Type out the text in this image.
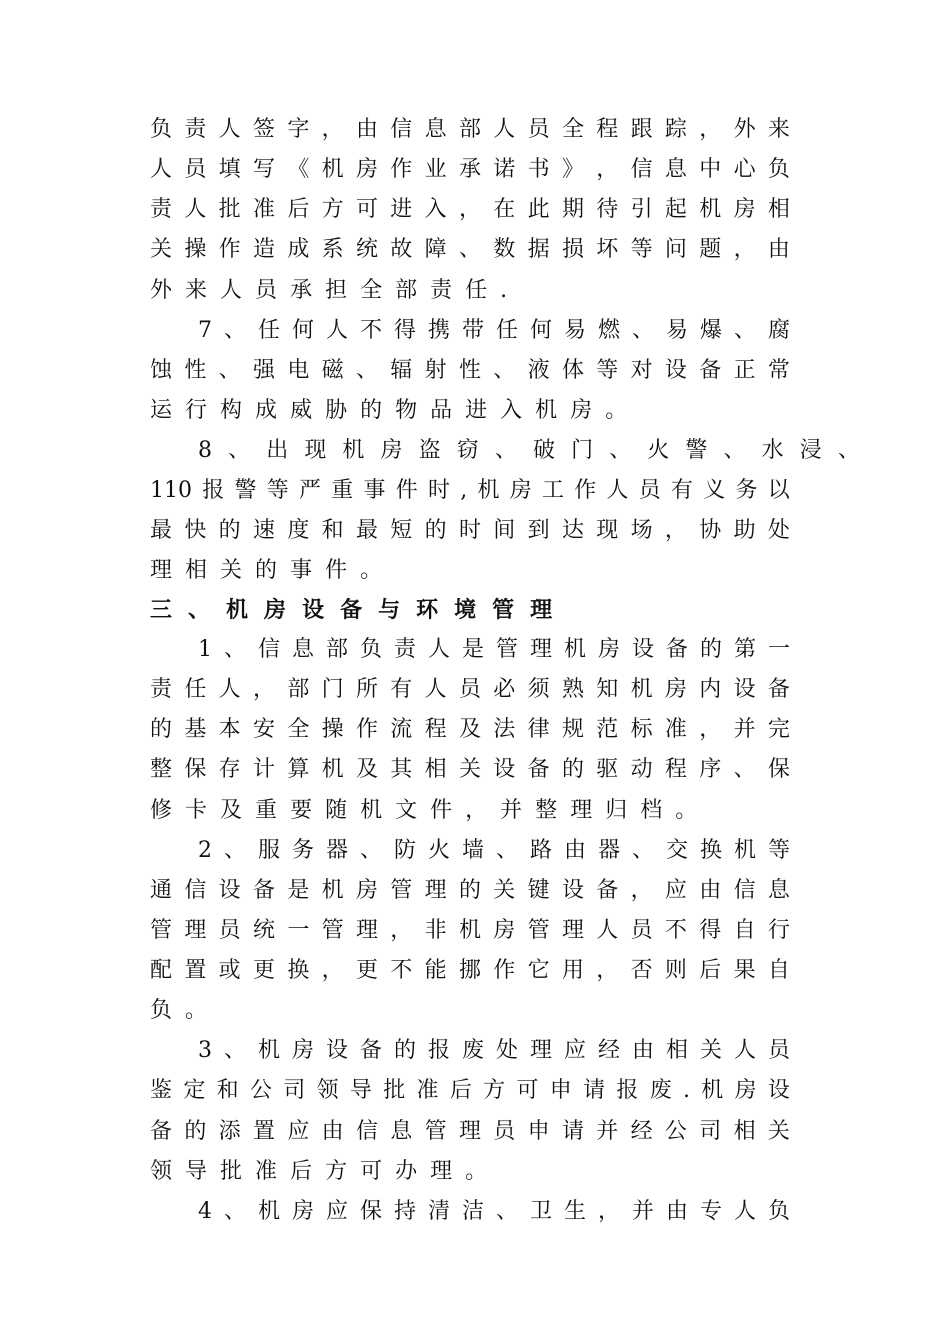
负 责 人 签 字 ， 由 信 息 部 人 员 全 程 跟 踪 ， 外 来
人 员 填 写 《 机 房 作 业 承 诺 书 》 ， 信 息 中 心 负
责 人 批 准 后 方 可 进 入 ， 在 此 期 待 引 起 机 房 相
关 操 作 造 成 系 统 故 障 、 数 据 损 坏 等 问 题 ， 由
外 来 人 员 承 担 全 部 责 任 .
7 、 任 何 人 不 得 携 带 任 何 易 燃 、 易 爆 、 腐
蚀 性 、 强 电 磁 、 辐 射 性 、 液 体 等 对 设 备 正 常
运 行 构 成 威 胁 的 物 品 进 入 机 房 。
8 、 出 现 机 房 盗 窃 、 破 门 、 火 警 、 水 浸 、
110 报 警 等 严 重 事 件 时 , 机 房 工 作 人 员 有 义 务 以
最 快 的 速 度 和 最 短 的 时 间 到 达 现 场 ， 协 助 处
理 相 关 的 事 件 。
三 、 机 房 设 备 与 环 境 管 理
1 、 信 息 部 负 责 人 是 管 理 机 房 设 备 的 第 一
责 任 人 ， 部 门 所 有 人 员 必 须 熟 知 机 房 内 设 备
的 基 本 安 全 操 作 流 程 及 法 律 规 范 标 准 ， 并 完
整 保 存 计 算 机 及 其 相 关 设 备 的 驱 动 程 序 、 保
修 卡 及 重 要 随 机 文 件 ， 并 整 理 归 档 。
2 、 服 务 器 、 防 火 墙 、 路 由 器 、 交 换 机 等
通 信 设 备 是 机 房 管 理 的 关 键 设 备 ， 应 由 信 息
管 理 员 统 一 管 理 ， 非 机 房 管 理 人 员 不 得 自 行
配 置 或 更 换 ， 更 不 能 挪 作 它 用 ， 否 则 后 果 自
负 。
3 、 机 房 设 备 的 报 废 处 理 应 经 由 相 关 人 员
鉴 定 和 公 司 领 导 批 准 后 方 可 申 请 报 废 . 机 房 设
备 的 添 置 应 由 信 息 管 理 员 申 请 并 经 公 司 相 关
领 导 批 准 后 方 可 办 理 。
4 、 机 房 应 保 持 清 洁 、 卫 生 ， 并 由 专 人 负
